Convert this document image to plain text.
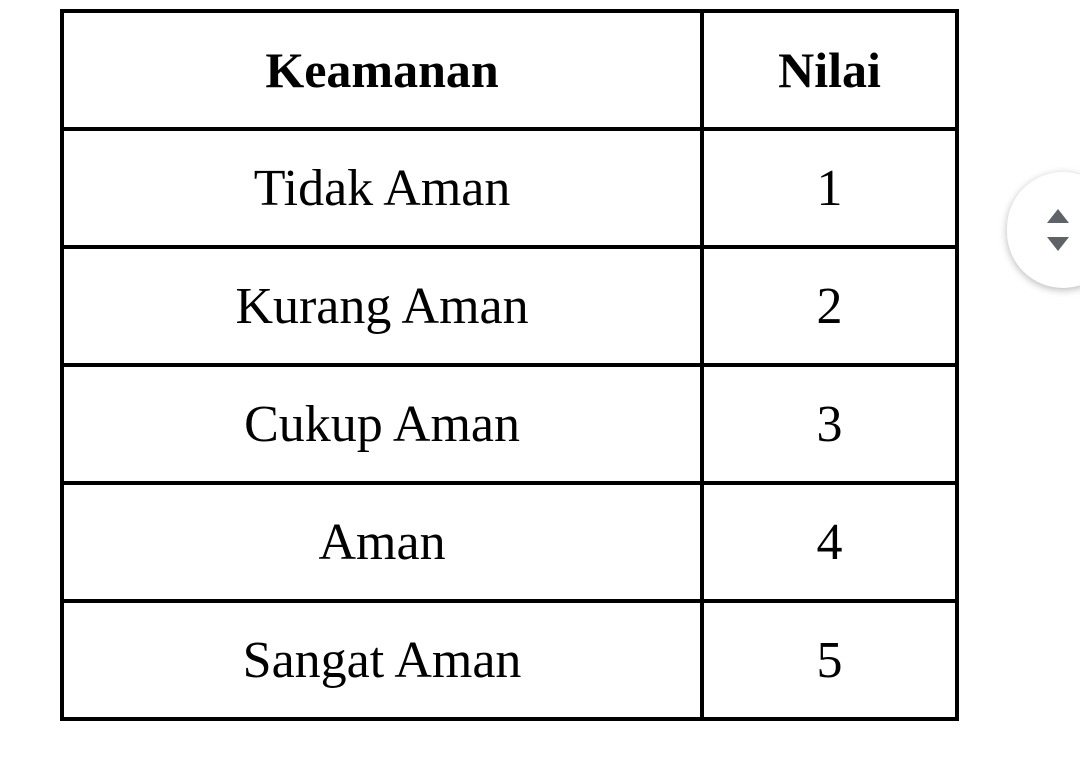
Keamanan	Nilai
Tidak Aman	1
Kurang Aman	2
Cukup Aman	3
Aman	4
Sangat Aman	5
